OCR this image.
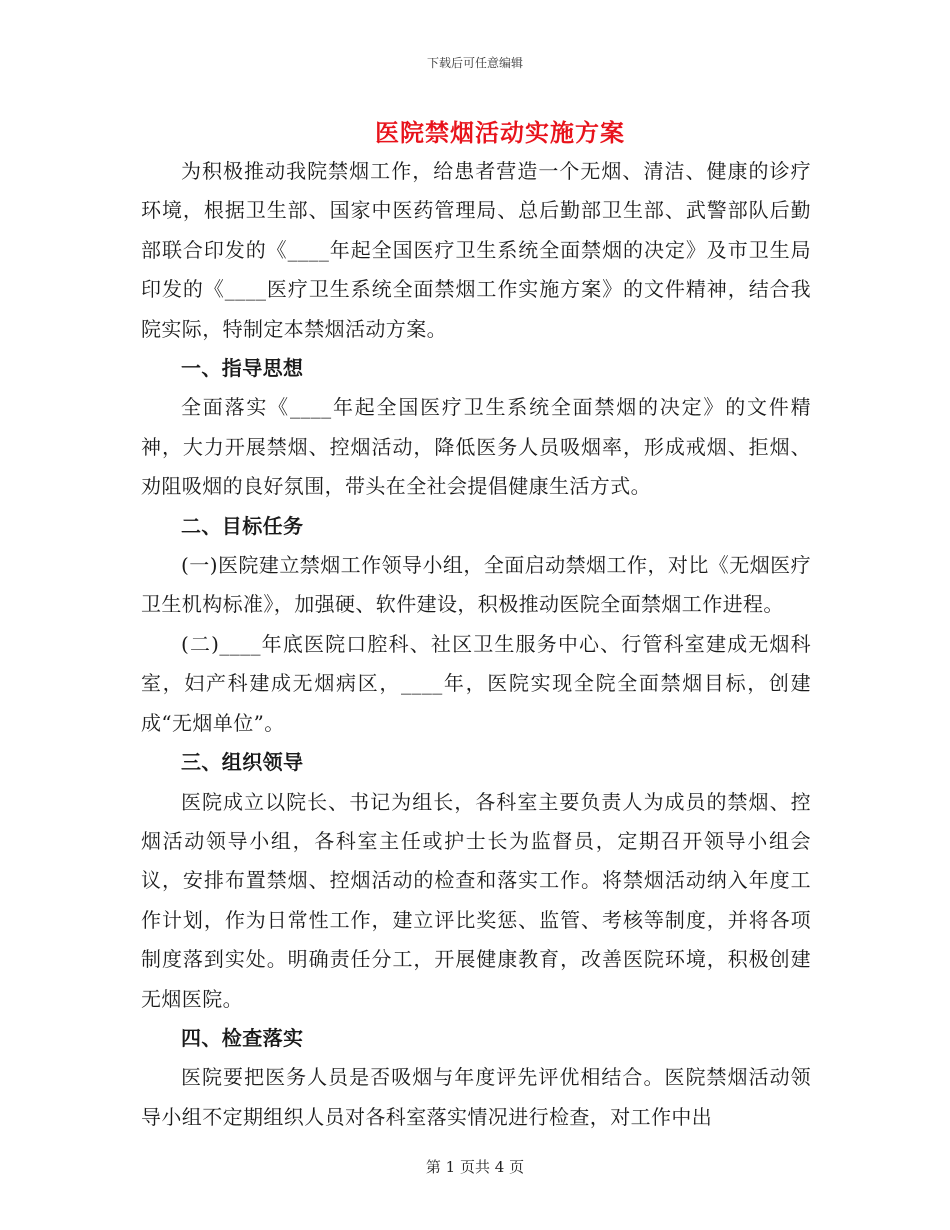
下载后可任意编辑
医院禁烟活动实施方案

为积极推动我院禁烟工作，给患者营造一个无烟、清洁、健康的诊疗环境，根据卫生部、国家中医药管理局、总后勤部卫生部、武警部队后勤部联合印发的《____年起全国医疗卫生系统全面禁烟的决定》及市卫生局印发的《____医疗卫生系统全面禁烟工作实施方案》的文件精神，结合我院实际，特制定本禁烟活动方案。

一、指导思想

全面落实《____年起全国医疗卫生系统全面禁烟的决定》的文件精神，大力开展禁烟、控烟活动，降低医务人员吸烟率，形成戒烟、拒烟、劝阻吸烟的良好氛围，带头在全社会提倡健康生活方式。

二、目标任务

(一)医院建立禁烟工作领导小组，全面启动禁烟工作，对比《无烟医疗卫生机构标准》，加强硬、软件建设，积极推动医院全面禁烟工作进程。

(二)____年底医院口腔科、社区卫生服务中心、行管科室建成无烟科室，妇产科建成无烟病区，____年，医院实现全院全面禁烟目标，创建成“无烟单位”。

三、组织领导

医院成立以院长、书记为组长，各科室主要负责人为成员的禁烟、控烟活动领导小组，各科室主任或护士长为监督员，定期召开领导小组会议，安排布置禁烟、控烟活动的检查和落实工作。将禁烟活动纳入年度工作计划，作为日常性工作，建立评比奖惩、监管、考核等制度，并将各项制度落到实处。明确责任分工，开展健康教育，改善医院环境，积极创建无烟医院。

四、检查落实

医院要把医务人员是否吸烟与年度评先评优相结合。医院禁烟活动领导小组不定期组织人员对各科室落实情况进行检查，对工作中出

第 1 页共 4 页
